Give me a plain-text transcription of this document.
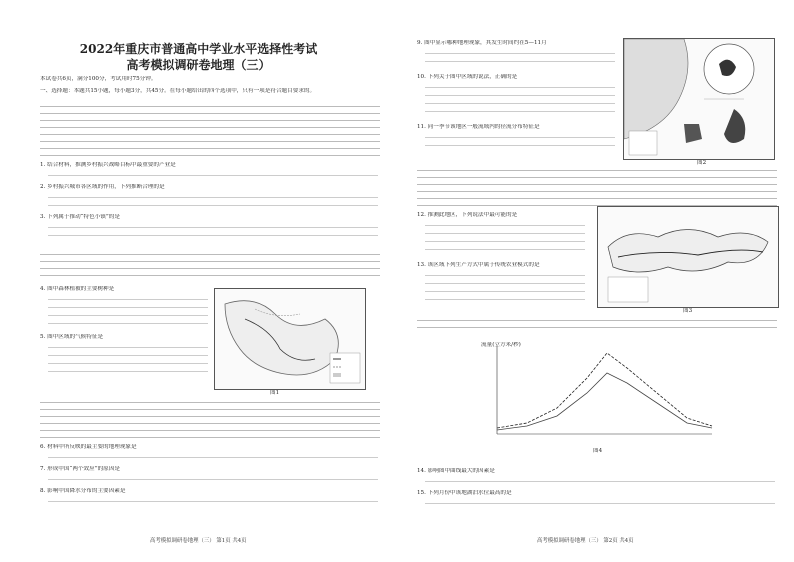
2022年重庆市普通高中学业水平选择性考试
高考模拟调研卷地理（三）
本试卷共6页，满分100分，考试用时75分钟。
一、选择题：本题共15小题，每小题3分，共45分。在每小题给出的四个选项中，只有一项是符合题目要求的。
1. 结合材料，推测乡村振兴战略目标中最重要的产业是
2. 乡村振兴城市各区域的作用，下列推断合理的是
3. 下列属于推动“特色小镇”的是
4. 图中森林植被的主要树种是
5. 图中区域的气候特征是
图1
6. 材料中所反映的最主要的地理现象是
7. 形成中国“两个效应”的原因是
8. 影响中国降水分布的主要因素是
高考模拟调研卷地理（三） 第1页 共4页
9. 图中显示哪种地理现象，其发生时间约在5—11月
10. 下列关于图中区域的说法，正确的是
11. 同一季节该地区一般流域内的径流分布特征是
图2
12. 推测此地区，下列说法中最可能的是
13. 该区域下列生产方式中属于传统农业模式的是
图3
流量(立方米/秒)
图4
14. 影响图中曲线最大的因素是
15. 下列月份中该地湖泊水位最高的是
高考模拟调研卷地理（三） 第2页 共4页
